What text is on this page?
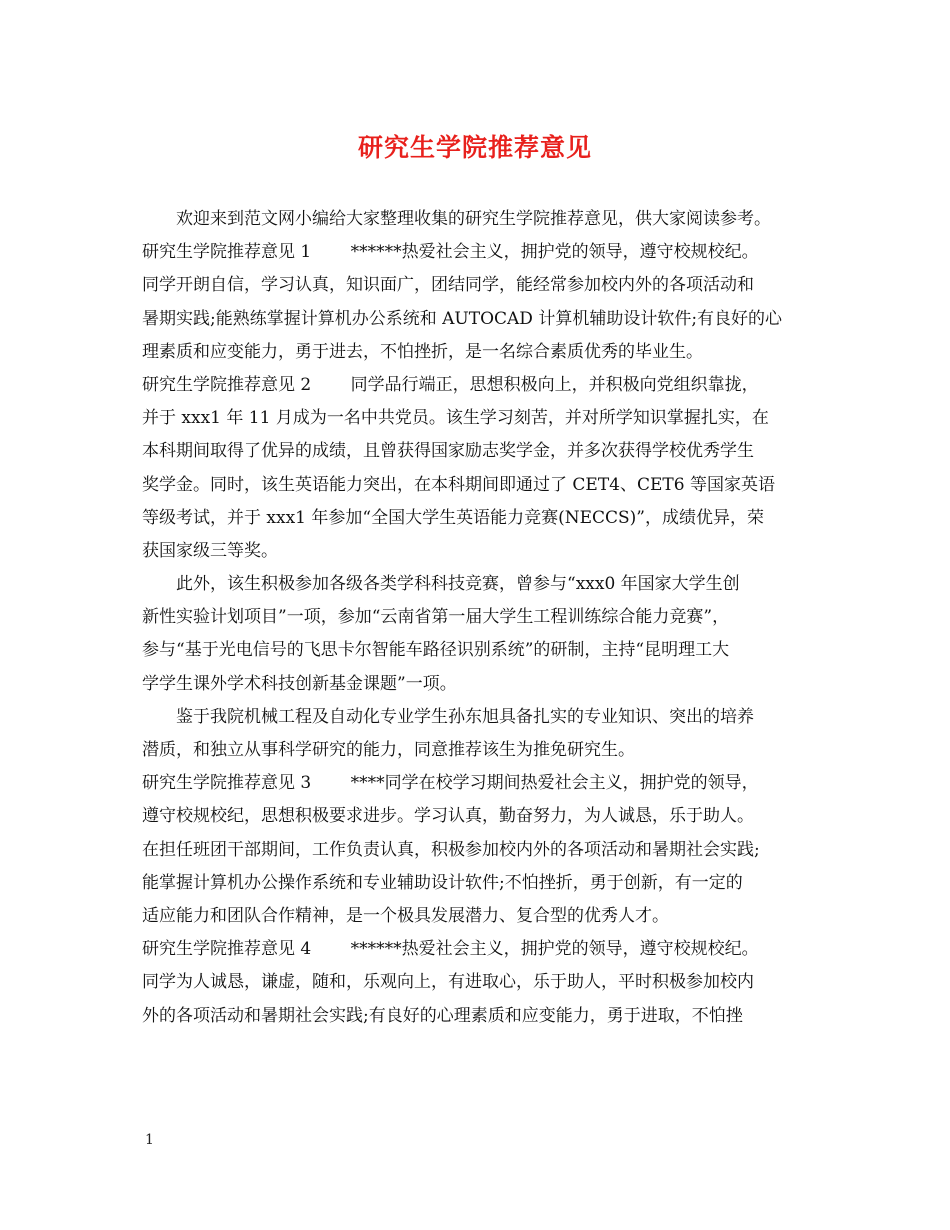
研究生学院推荐意见
欢迎来到范文网小编给大家整理收集的研究生学院推荐意见，供大家阅读参考。
研究生学院推荐意见 1　　 ******热爱社会主义，拥护党的领导，遵守校规校纪。
同学开朗自信，学习认真，知识面广，团结同学，能经常参加校内外的各项活动和
暑期实践;能熟练掌握计算机办公系统和 AUTOCAD 计算机辅助设计软件;有良好的心
理素质和应变能力，勇于进去，不怕挫折，是一名综合素质优秀的毕业生。
研究生学院推荐意见 2　　 同学品行端正，思想积极向上，并积极向党组织靠拢，
并于 xxx1 年 11 月成为一名中共党员。该生学习刻苦，并对所学知识掌握扎实，在
本科期间取得了优异的成绩，且曾获得国家励志奖学金，并多次获得学校优秀学生
奖学金。同时，该生英语能力突出，在本科期间即通过了 CET4、CET6 等国家英语
等级考试，并于 xxx1 年参加“全国大学生英语能力竞赛(NECCS)”，成绩优异，荣
获国家级三等奖。
此外，该生积极参加各级各类学科科技竞赛，曾参与“xxx0 年国家大学生创
新性实验计划项目”一项，参加“云南省第一届大学生工程训练综合能力竞赛”，
参与“基于光电信号的飞思卡尔智能车路径识别系统”的研制，主持“昆明理工大
学学生课外学术科技创新基金课题”一项。
鉴于我院机械工程及自动化专业学生孙东旭具备扎实的专业知识、突出的培养
潜质，和独立从事科学研究的能力，同意推荐该生为推免研究生。
研究生学院推荐意见 3　　 ****同学在校学习期间热爱社会主义，拥护党的领导，
遵守校规校纪，思想积极要求进步。学习认真，勤奋努力，为人诚恳，乐于助人。
在担任班团干部期间，工作负责认真，积极参加校内外的各项活动和暑期社会实践;
能掌握计算机办公操作系统和专业辅助设计软件;不怕挫折，勇于创新，有一定的
适应能力和团队合作精神，是一个极具发展潜力、复合型的优秀人才。
研究生学院推荐意见 4　　 ******热爱社会主义，拥护党的领导，遵守校规校纪。
同学为人诚恳，谦虚，随和，乐观向上，有进取心，乐于助人，平时积极参加校内
外的各项活动和暑期社会实践;有良好的心理素质和应变能力，勇于进取，不怕挫
1
